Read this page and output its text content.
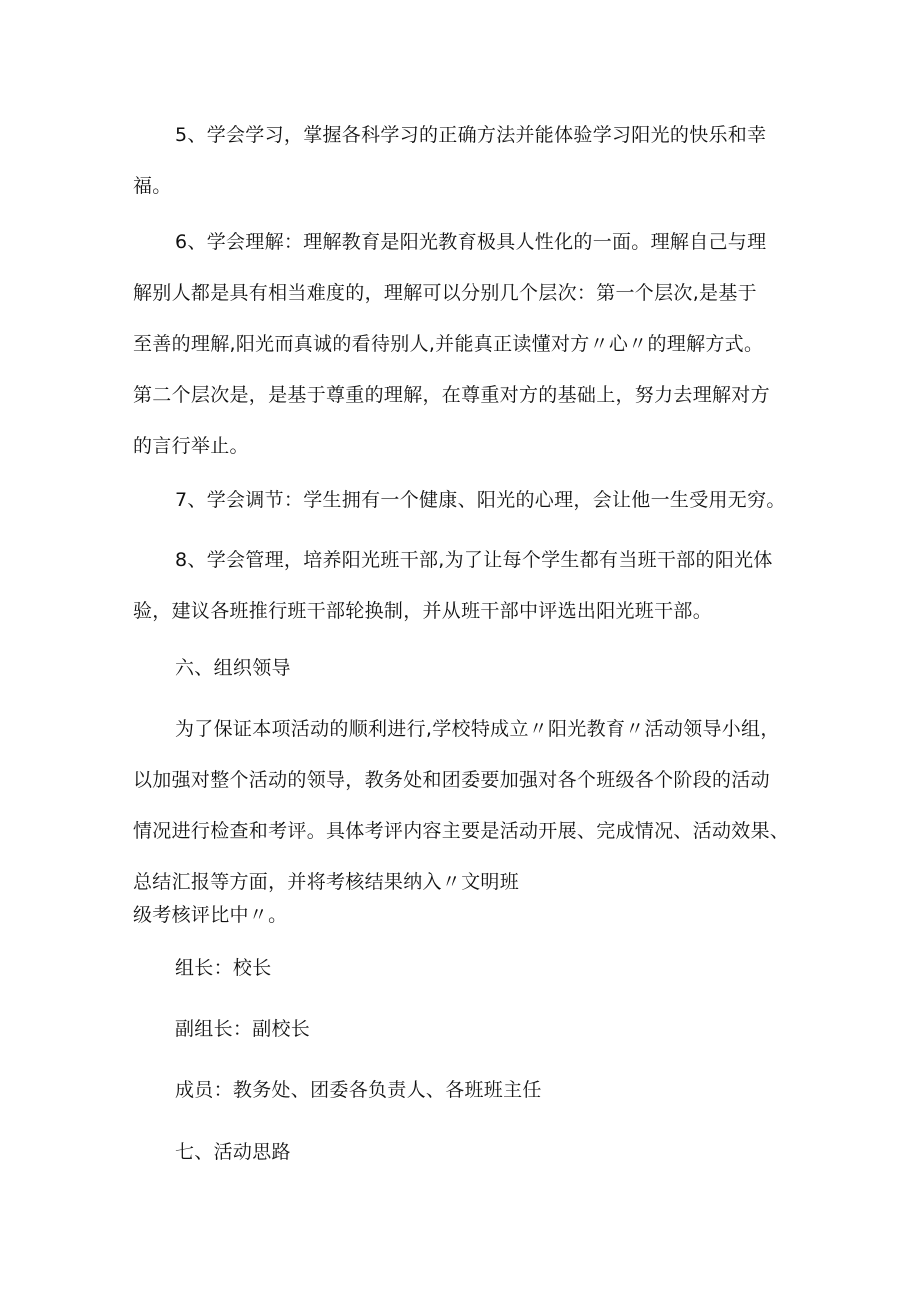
5、学会学习，掌握各科学习的正确方法并能体验学习阳光的快乐和幸
福。
6、学会理解：理解教育是阳光教育极具人性化的一面。理解自己与理
解别人都是具有相当难度的，理解可以分别几个层次：第一个层次,是基于
至善的理解,阳光而真诚的看待别人,并能真正读懂对方〃心〃的理解方式。
第二个层次是，是基于尊重的理解，在尊重对方的基础上，努力去理解对方
的言行举止。
7、学会调节：学生拥有一个健康、阳光的心理，会让他一生受用无穷。
8、学会管理，培养阳光班干部,为了让每个学生都有当班干部的阳光体
验，建议各班推行班干部轮换制，并从班干部中评选出阳光班干部。
六、组织领导
为了保证本项活动的顺利进行,学校特成立〃阳光教育〃活动领导小组，
以加强对整个活动的领导，教务处和团委要加强对各个班级各个阶段的活动
情况进行检查和考评。具体考评内容主要是活动开展、完成情况、活动效果、
总结汇报等方面，并将考核结果纳入〃文明班
级考核评比中〃。
组长：校长
副组长：副校长
成员：教务处、团委各负责人、各班班主任
七、活动思路
